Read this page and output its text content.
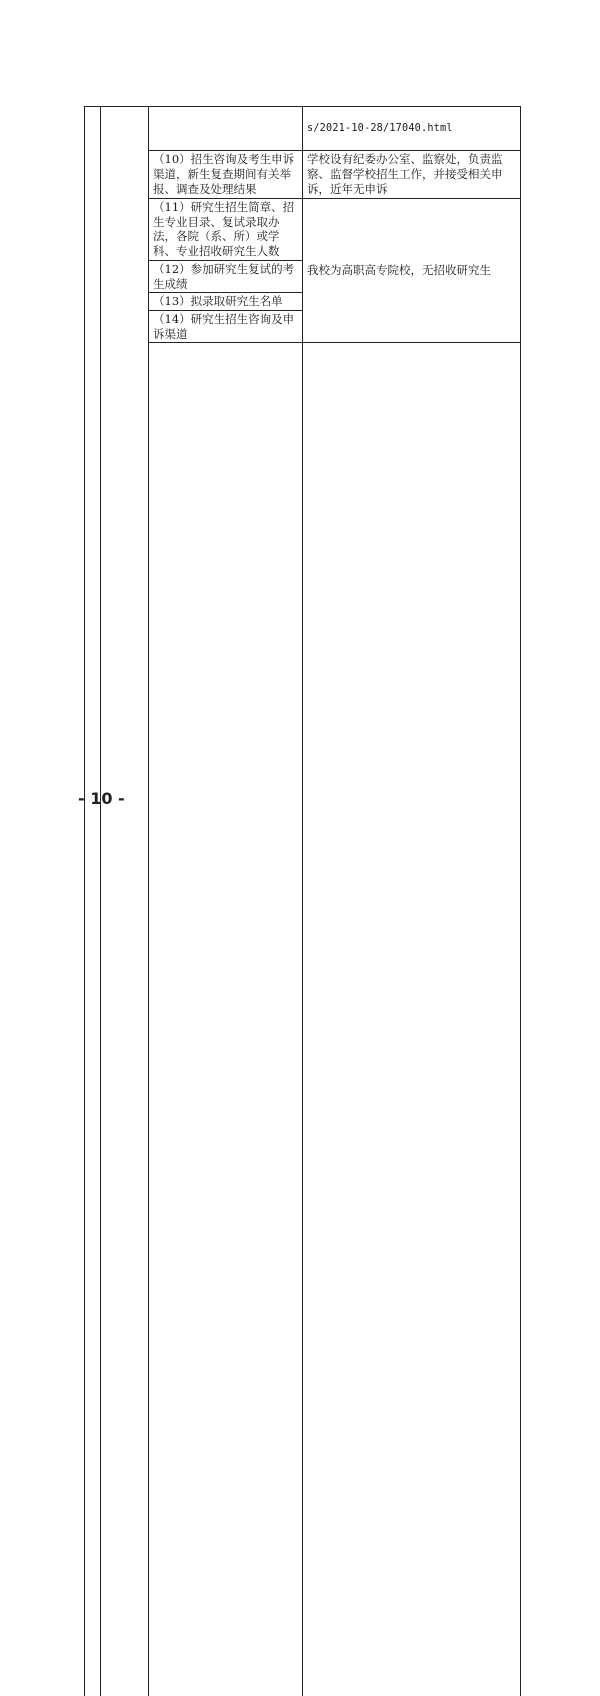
			s/2021-10-28/17040.html	
		（10）招生咨询及考生申诉渠道，新生复查期间有关举报、调查及处理结果	学校设有纪委办公室、监察处，负责监察、监督学校招生工作，并接受相关申诉，近年无申诉	
		（11）研究生招生简章、招生专业目录、复试录取办法，各院（系、所）或学科、专业招收研究生人数	我校为高职高专院校，无招收研究生	
		（12）参加研究生复试的考生成绩		
		（13）拟录取研究生名单		
		（14）研究生招生咨询及申诉渠道		

- 10 -
